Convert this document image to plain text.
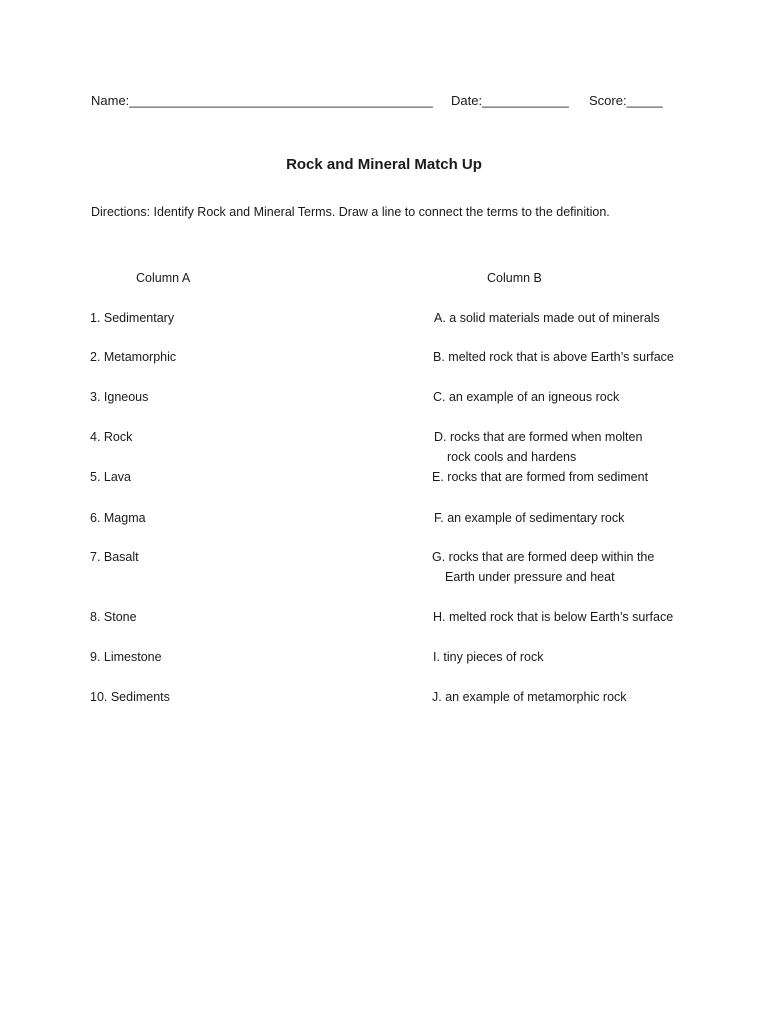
Name:__________________________________________ Date:____________ Score:_____
Rock and Mineral Match Up
Directions: Identify Rock and Mineral Terms. Draw a line to connect the terms to the definition.
Column A	Column B
1. Sedimentary
2. Metamorphic
3. Igneous
4. Rock
5. Lava
6. Magma
7. Basalt
8. Stone
9. Limestone
10. Sediments
A. a solid materials made out of minerals
B. melted rock that is above Earth’s surface
C. an example of an igneous rock
D. rocks that are formed when molten
rock cools and hardens
E. rocks that are formed from sediment
F. an example of sedimentary rock
G. rocks that are formed deep within the
Earth under pressure and heat
H. melted rock that is below Earth’s surface
I. tiny pieces of rock
J. an example of metamorphic rock
